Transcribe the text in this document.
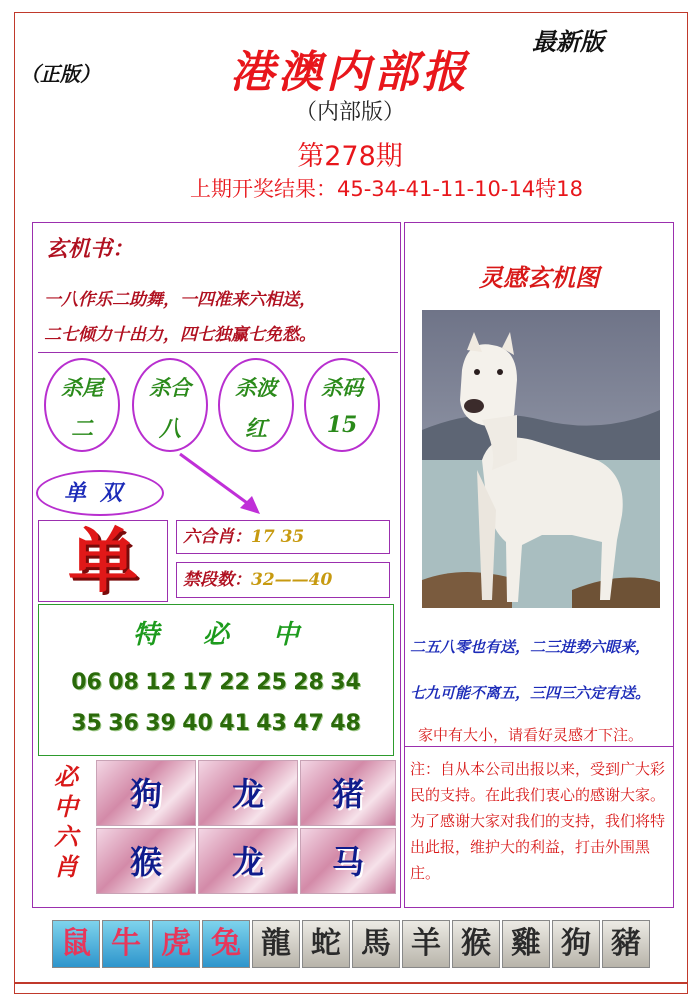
（正版）
最新版
港澳内部报
（内部版）
第278期
上期开奖结果：45-34-41-11-10-14特18
玄机书：
一八作乐二助舞，一四准来六相送，
二七倾力十出力，四七独赢七免愁。
杀尾
二
杀合
八
杀波
红
杀码
15
单双
单	六合肖：17 35
禁段数：32——40
特必中
06 08 12 17 22 25 28 34
35 36 39 40 41 43 47 48
必中六肖
狗	龙	猪
猴	龙	马
灵感玄机图
二五八零也有送，二三进势六眼来，
七九可能不离五，三四三六定有送。
家中有大小，请看好灵感才下注。
注：自从本公司出报以来，受到广大彩民的支持。在此我们衷心的感谢大家。为了感谢大家对我们的支持，我们将特出此报，维护大的利益，打击外围黑庄。
鼠 牛 虎 兔 龍 蛇 馬 羊 猴 雞 狗 豬
